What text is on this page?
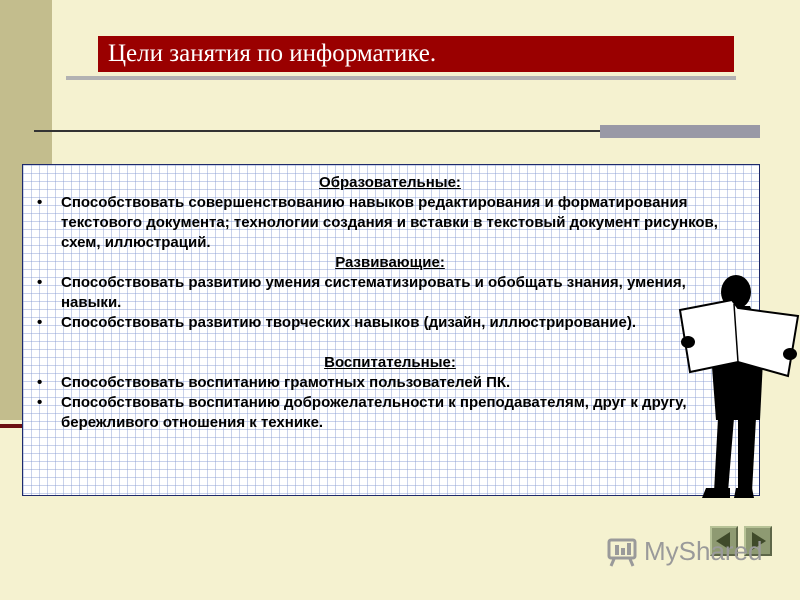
Цели занятия по информатике.
Образовательные:
• Способствовать совершенствованию навыков редактирования и форматирования текстового документа; технологии создания и вставки в текстовый документ рисунков, схем, иллюстраций.
Развивающие:
• Способствовать развитию умения систематизировать и обобщать знания, умения, навыки.
• Способствовать развитию творческих навыков (дизайн, иллюстрирование).
Воспитательные:
• Способствовать воспитанию грамотных пользователей ПК.
• Способствовать воспитанию доброжелательности к преподавателям, друг к другу, бережливого отношения к технике.
MyShared
